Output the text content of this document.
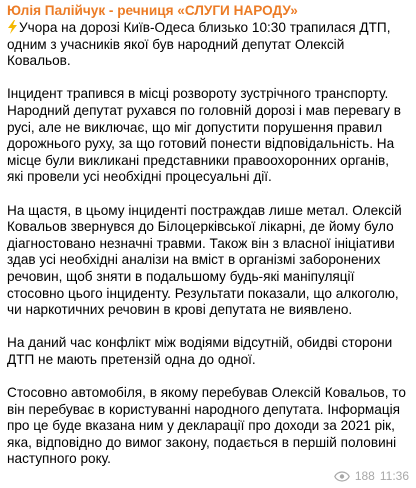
Юлія Палійчук - речниця «СЛУГИ НАРОДУ»

Учора на дорозі Київ-Одеса близько 10:30 трапилася ДТП, одним з учасників якої був народний депутат Олексій Ковальов.

Інцидент трапився в місці розвороту зустрічного транспорту. Народний депутат рухався по головній дорозі і мав перевагу в русі, але не виключає, що міг допустити порушення правил дорожнього руху, за що готовий понести відповідальність. На місце були викликані представники правоохоронних органів, які провели усі необхідні процесуальні дії.

На щастя, в цьому інциденті постраждав лише метал. Олексій Ковальов звернувся до Білоцерківської лікарні, де йому було діагностовано незначні травми. Також він з власної ініціативи здав усі необхідні аналізи на вміст в організмі заборонених речовин, щоб зняти в подальшому будь-які маніпуляції стосовно цього інциденту. Результати показали, що алкоголю, чи наркотичних речовин в крові депутата не виявлено.

На даний час конфлікт між водіями відсутній, обидві сторони ДТП не мають претензій одна до одної.

Стосовно автомобіля, в якому перебував Олексій Ковальов, то він перебуває в користуванні народного депутата. Інформація про це буде вказана ним у декларації про доходи за 2021 рік, яка, відповідно до вимог закону, подається в першій половині наступного року.

188 11:36
